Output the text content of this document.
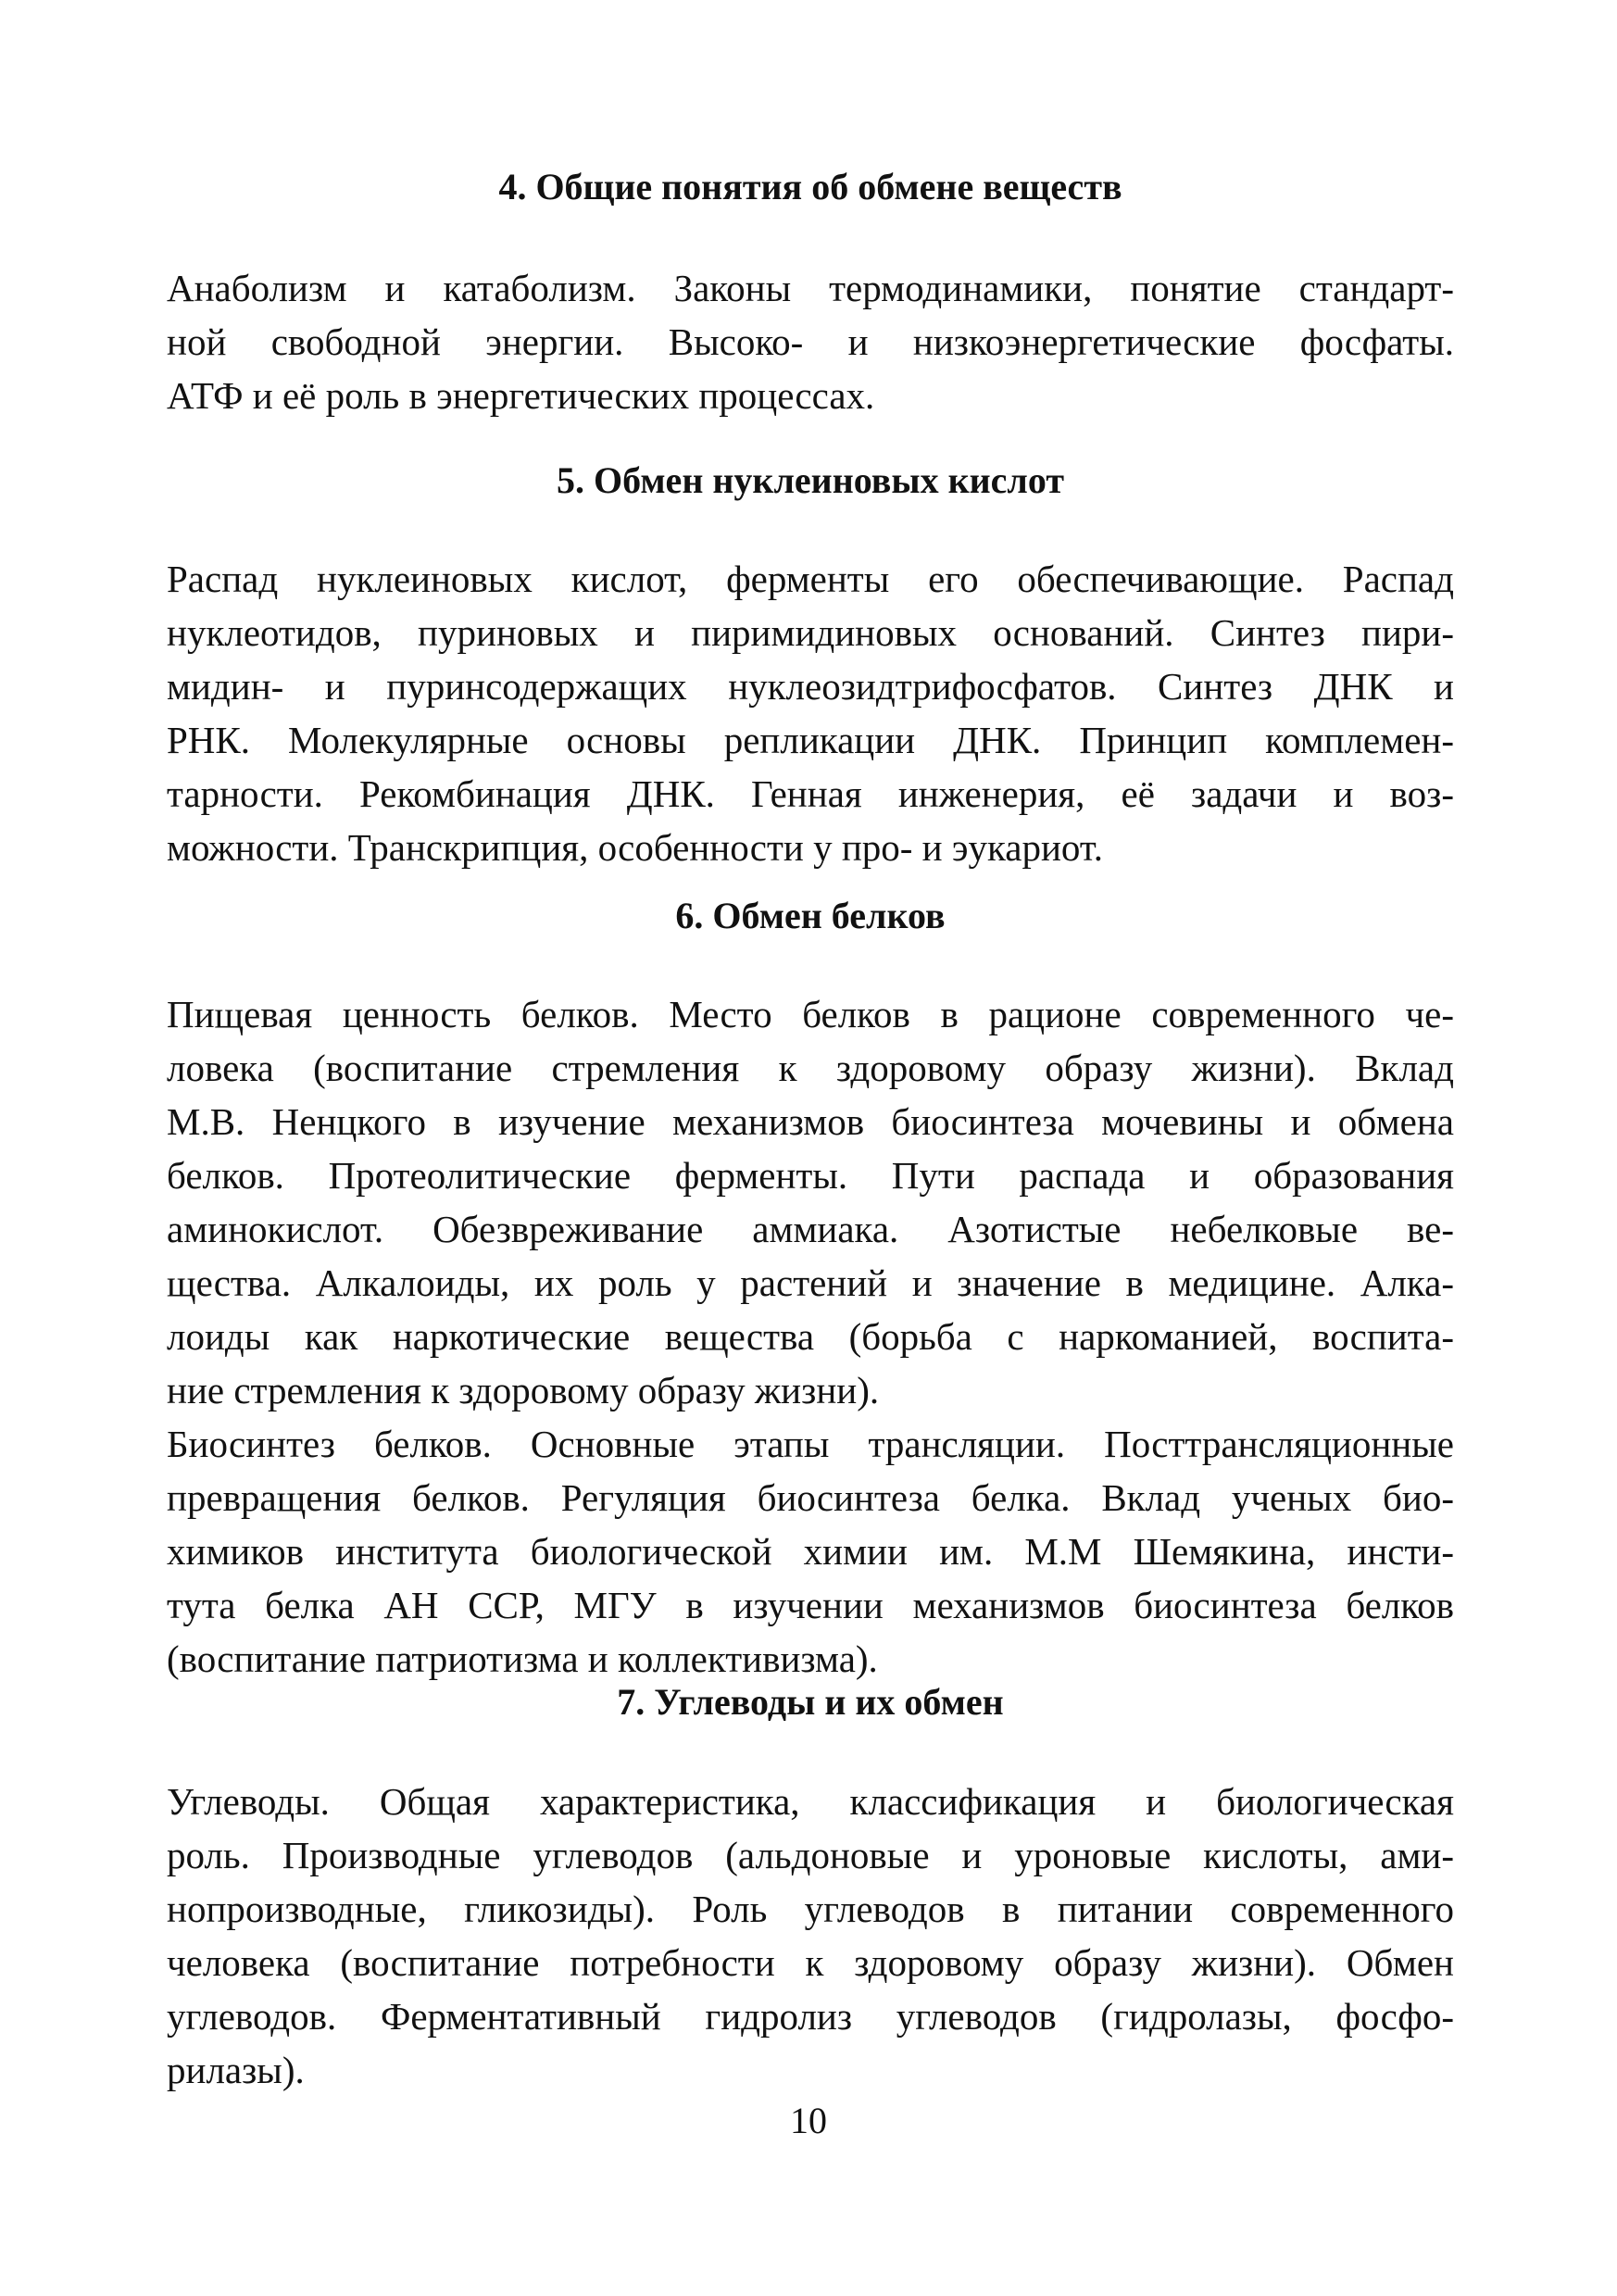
4. Общие понятия об обмене веществ

Анаболизм и катаболизм. Законы термодинамики, понятие стандарт-
ной свободной энергии. Высоко- и низкоэнергетические фосфаты.
АТФ и её роль в энергетических процессах.

5. Обмен нуклеиновых кислот

Распад нуклеиновых кислот, ферменты его обеспечивающие. Распад
нуклеотидов, пуриновых и пиримидиновых оснований. Синтез пири-
мидин- и пуринсодержащих нуклеозидтрифосфатов. Синтез ДНК и
РНК. Молекулярные основы репликации ДНК. Принцип комплемен-
тарности. Рекомбинация ДНК. Генная инженерия, её задачи и воз-
можности. Транскрипция, особенности у про- и эукариот.

6. Обмен белков

Пищевая ценность белков. Место белков в рационе современного че-
ловека (воспитание стремления к здоровому образу жизни). Вклад
М.В. Ненцкого в изучение механизмов биосинтеза мочевины и обмена
белков. Протеолитические ферменты. Пути распада и образования
аминокислот. Обезвреживание аммиака. Азотистые небелковые ве-
щества. Алкалоиды, их роль у растений и значение в медицине. Алка-
лоиды как наркотические вещества (борьба с наркоманией, воспита-
ние стремления к здоровому образу жизни).

Биосинтез белков. Основные этапы трансляции. Посттрансляционные
превращения белков. Регуляция биосинтеза белка. Вклад ученых био-
химиков института биологической химии им. М.М Шемякина, инсти-
тута белка АН ССР, МГУ в изучении механизмов биосинтеза белков
(воспитание патриотизма и коллективизма).

7. Углеводы и их обмен

Углеводы. Общая характеристика, классификация и биологическая
роль. Производные углеводов (альдоновые и уроновые кислоты, ами-
нопроизводные, гликозиды). Роль углеводов в питании современного
человека (воспитание потребности к здоровому образу жизни). Обмен
углеводов. Ферментативный гидролиз углеводов (гидролазы, фосфо-
рилазы).

10
